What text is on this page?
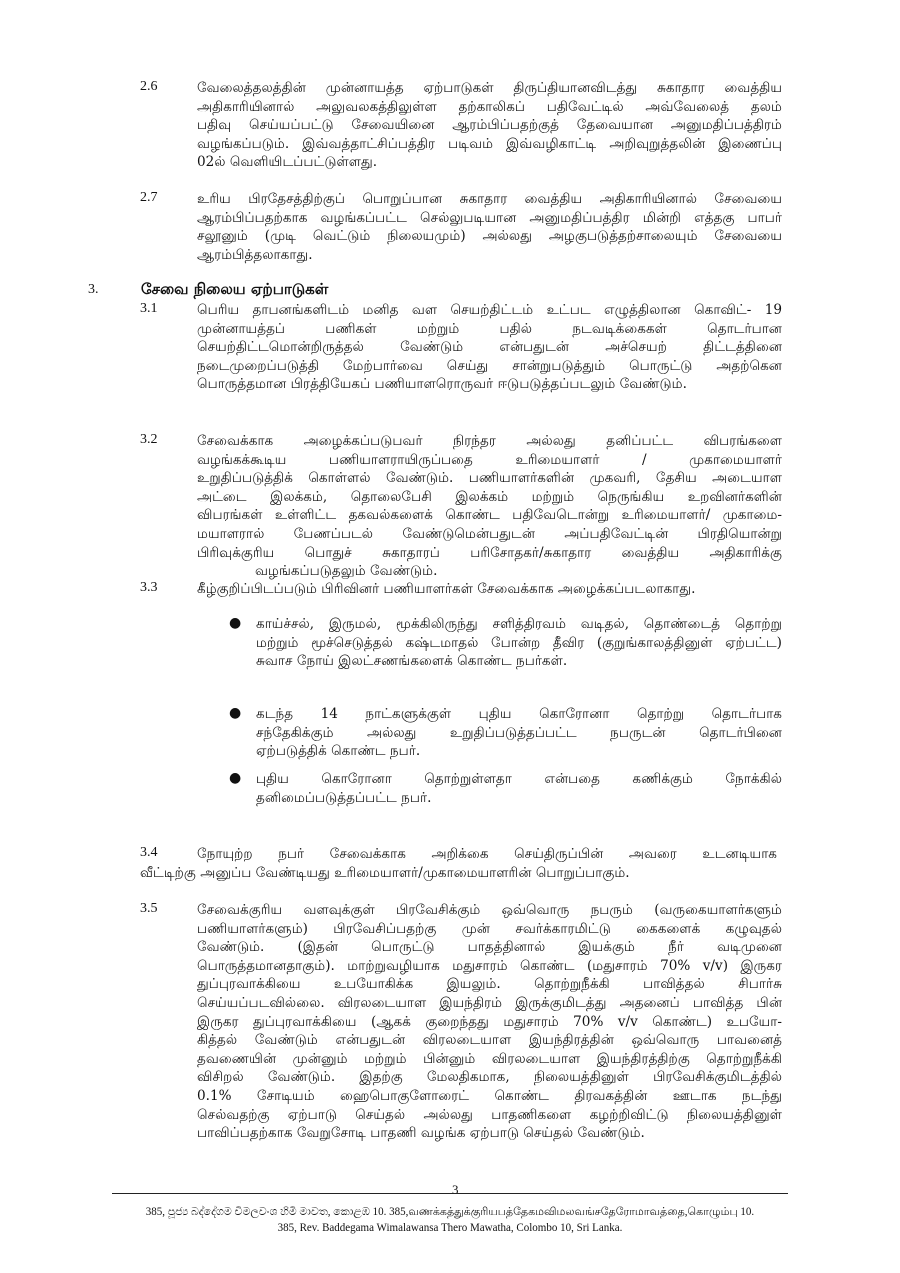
2.6	வேலைத்தலத்தின் முன்னாயத்த ஏற்பாடுகள் திருப்தியானவிடத்து சுகாதார வைத்திய
அதிகாரியினால் அலுவலகத்திலுள்ள தற்காலிகப் பதிவேட்டில் அவ்வேலைத் தலம்
பதிவு செய்யப்பட்டு சேவையினை ஆரம்பிப்பதற்குத் தேவையான அனுமதிப்பத்திரம்
வழங்கப்படும். இவ்வத்தாட்சிப்பத்திர படிவம் இவ்வழிகாட்டி அறிவுறுத்தலின் இணைப்பு
02ல் வெளியிடப்பட்டுள்ளது.
2.7	உரிய பிரதேசத்திற்குப் பொறுப்பான சுகாதார வைத்திய அதிகாரியினால் சேவையை
ஆரம்பிப்பதற்காக வழங்கப்பட்ட செல்லுபடியான அனுமதிப்பத்திர மின்றி எத்தகு பாபர்
சலூனும் (முடி வெட்டும் நிலையமும்) அல்லது அழகுபடுத்தற்சாலையும் சேவையை
ஆரம்பித்தலாகாது.
3.	சேவை நிலைய ஏற்பாடுகள்
3.1	பெரிய தாபனங்களிடம் மனித வள செயற்திட்டம் உட்பட எழுத்திலான கொவிட்- 19
முன்னாயத்தப் பணிகள் மற்றும் பதில் நடவடிக்கைகள் தொடர்பான
செயற்திட்டமொன்றிருத்தல் வேண்டும் என்பதுடன் அச்செயற் திட்டத்தினை
நடைமுறைப்படுத்தி மேற்பார்வை செய்து சான்றுபடுத்தும் பொருட்டு அதற்கென
பொருத்தமான பிரத்தியேகப் பணியாளரொருவர் ஈடுபடுத்தப்படலும் வேண்டும்.
3.2	சேவைக்காக அழைக்கப்படுபவர் நிரந்தர அல்லது தனிப்பட்ட விபரங்களை
வழங்கக்கூடிய பணியாளராயிருப்பதை உரிமையாளர் / முகாமையாளர்
உறுதிப்படுத்திக் கொள்ளல் வேண்டும். பணியாளர்களின் முகவரி, தேசிய அடையாள
அட்டை இலக்கம், தொலைபேசி இலக்கம் மற்றும் நெருங்கிய உறவினர்களின்
விபரங்கள் உள்ளிட்ட தகவல்களைக் கொண்ட பதிவேடொன்று உரிமையாளர்/ முகாமை-
மயாளரால் பேணப்படல் வேண்டுமென்பதுடன் அப்பதிவேட்டின் பிரதியொன்று
பிரிவுக்குரிய பொதுச் சுகாதாரப் பரிசோதகர்/சுகாதார வைத்திய அதிகாரிக்கு
வழங்கப்படுதலும் வேண்டும்.
3.3	கீழ்குறிப்பிடப்படும் பிரிவினர் பணியாளர்கள் சேவைக்காக அழைக்கப்படலாகாது.
● காய்ச்சல், இருமல், மூக்கிலிருந்து சளித்திரவம் வடிதல், தொண்டைத் தொற்று
மற்றும் மூச்செடுத்தல் கஷ்டமாதல் போன்ற தீவிர (குறுங்காலத்தினுள் ஏற்பட்ட)
சுவாச நோய் இலட்சணங்களைக் கொண்ட நபர்கள்.
● கடந்த 14 நாட்களுக்குள் புதிய கொரோனா தொற்று தொடர்பாக
சந்தேகிக்கும் அல்லது உறுதிப்படுத்தப்பட்ட நபருடன் தொடர்பினை
ஏற்படுத்திக் கொண்ட நபர்.
● புதிய கொரோனா தொற்றுள்ளதா என்பதை கணிக்கும் நோக்கில்
தனிமைப்படுத்தப்பட்ட நபர்.
3.4	நோயுற்ற நபர் சேவைக்காக அறிக்கை செய்திருப்பின் அவரை உடனடியாக
வீட்டிற்கு அனுப்ப வேண்டியது உரிமையாளர்/முகாமையாளரின் பொறுப்பாகும்.
3.5	சேவைக்குரிய வளவுக்குள் பிரவேசிக்கும் ஒவ்வொரு நபரும் (வருகையாளர்களும்
பணியாளர்களும்) பிரவேசிப்பதற்கு முன் சவர்க்காரமிட்டு கைகளைக் கழுவுதல்
வேண்டும். (இதன் பொருட்டு பாதத்தினால் இயக்கும் நீர் வடிமுனை
பொருத்தமானதாகும்). மாற்றுவழியாக மதுசாரம் கொண்ட (மதுசாரம் 70% v/v) இருகர
துப்புரவாக்கியை உபயோகிக்க இயலும். தொற்றுநீக்கி பாவித்தல் சிபார்சு
செய்யப்படவில்லை. விரலடையாள இயந்திரம் இருக்குமிடத்து அதனைப் பாவித்த பின்
இருகர துப்புரவாக்கியை (ஆகக் குறைந்தது மதுசாரம் 70% v/v கொண்ட) உபயோ-
கித்தல் வேண்டும் என்பதுடன் விரலடையாள இயந்திரத்தின் ஒவ்வொரு பாவனைத்
தவணையின் முன்னும் மற்றும் பின்னும் விரலடையாள இயந்திரத்திற்கு தொற்றுநீக்கி
விசிறல் வேண்டும். இதற்கு மேலதிகமாக, நிலையத்தினுள் பிரவேசிக்குமிடத்தில்
0.1% சோடியம் ஹைபொகுளோரைட் கொண்ட திரவகத்தின் ஊடாக நடந்து
செல்வதற்கு ஏற்பாடு செய்தல் அல்லது பாதணிகளை கழற்றிவிட்டு நிலையத்தினுள்
பாவிப்பதற்காக வேறுசோடி பாதணி வழங்க ஏற்பாடு செய்தல் வேண்டும்.
3
385, පූජ්‍ය බද්දේගම විමලවංශ හිමි මාවත, කොළඹ 10. 385,வணக்கத்துக்குரியபத்தேகமவிமலவங்சதேரோமாவத்தை,கொழும்பு 10.
385, Rev. Baddegama Wimalawansa Thero Mawatha, Colombo 10, Sri Lanka.
